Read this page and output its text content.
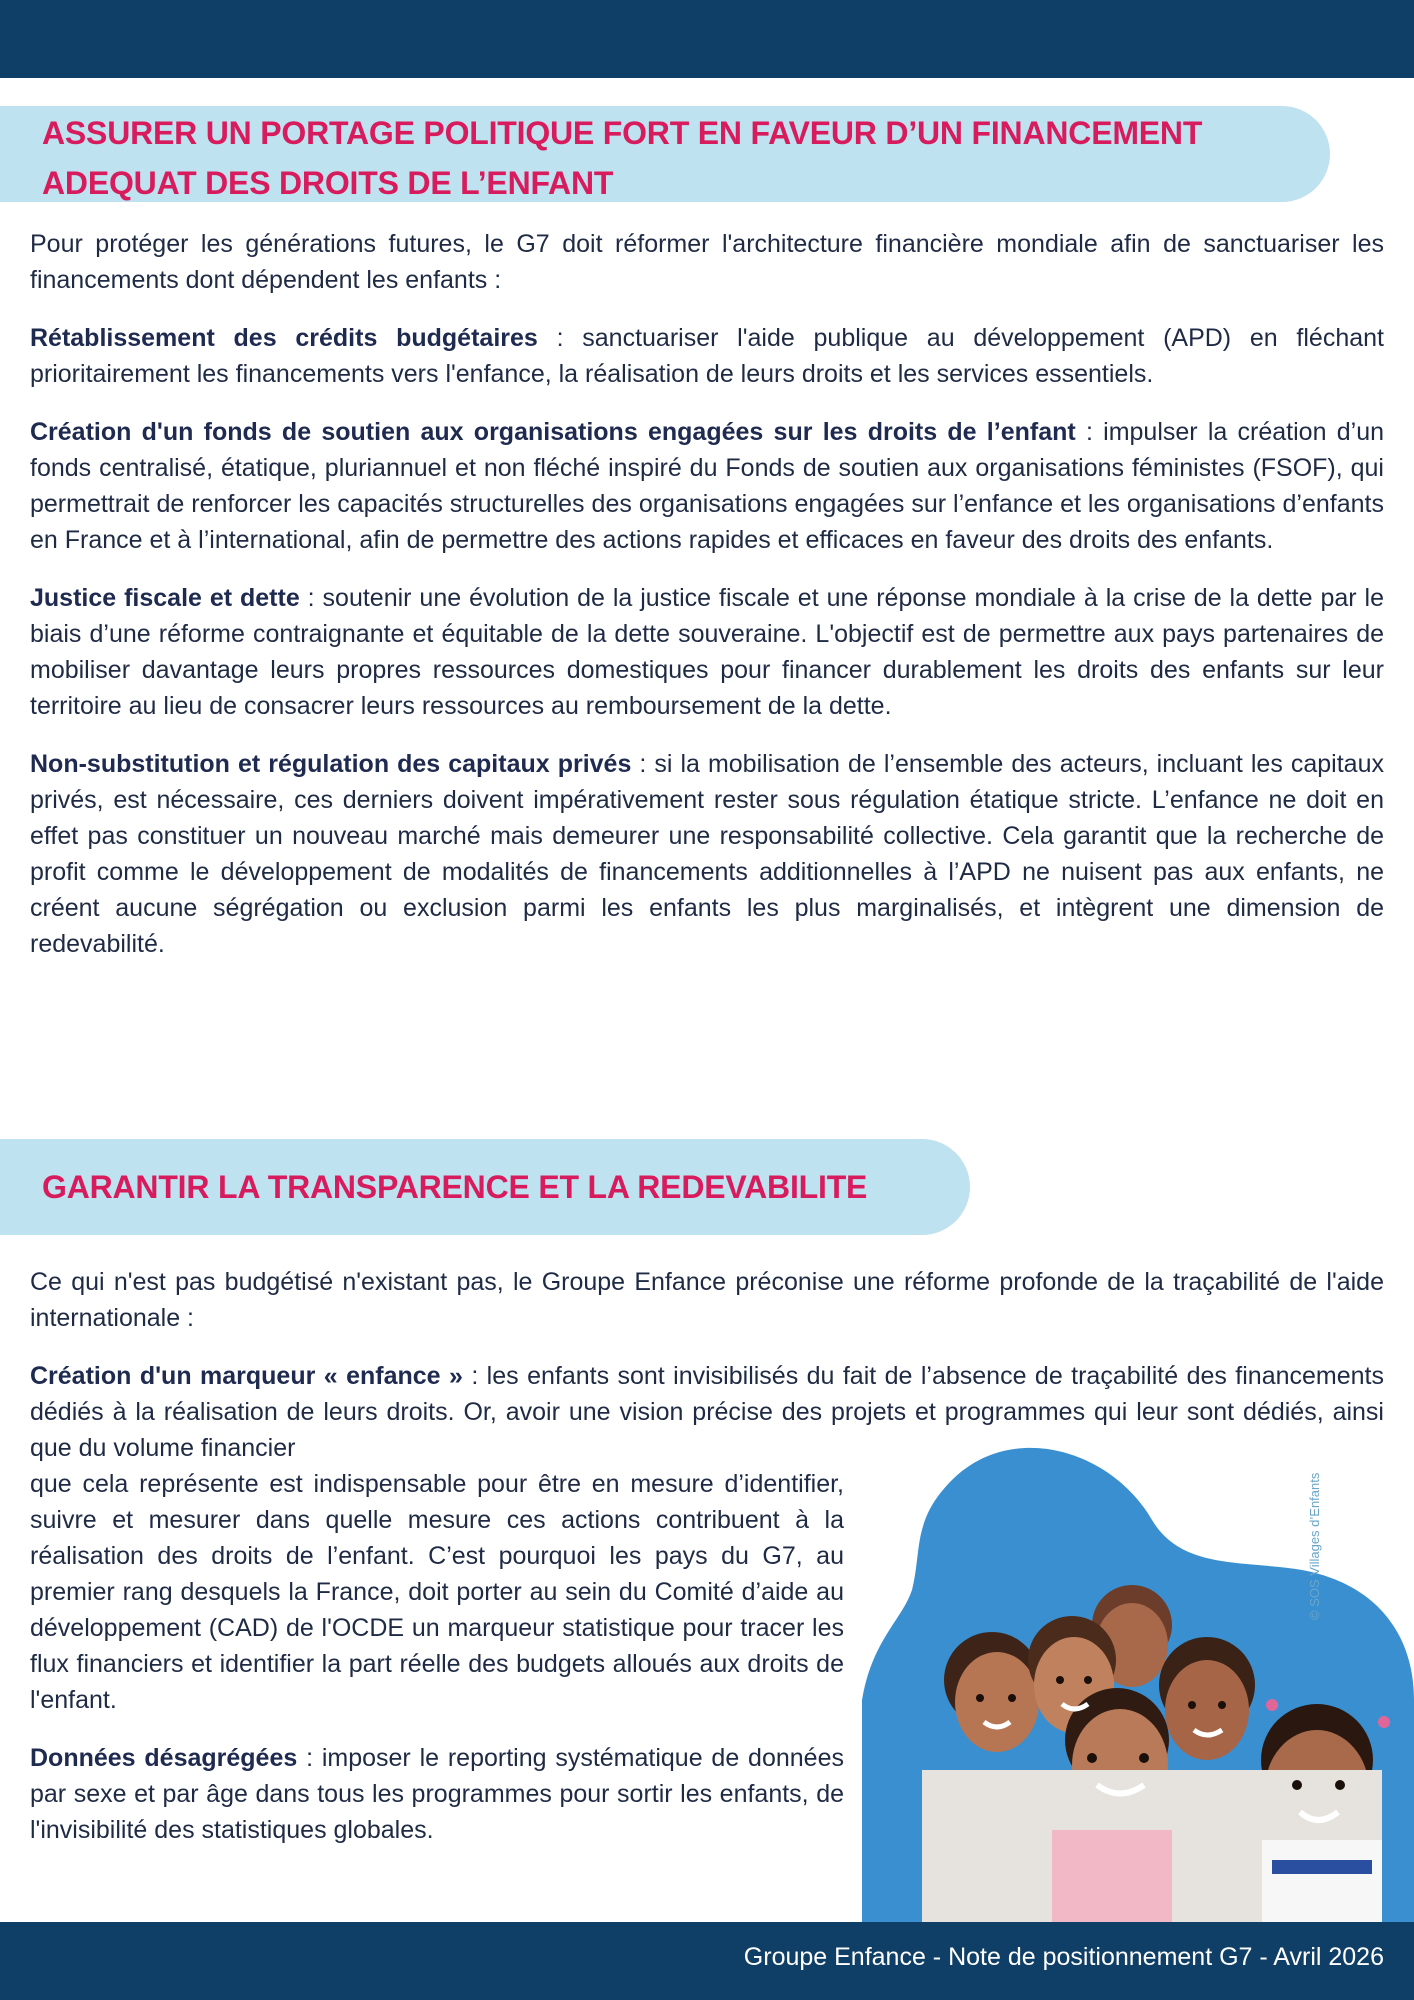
ASSURER UN PORTAGE POLITIQUE FORT EN FAVEUR D’UN FINANCEMENT ADEQUAT DES DROITS DE L’ENFANT

Pour protéger les générations futures, le G7 doit réformer l'architecture financière mondiale afin de sanctuariser les financements dont dépendent les enfants :

Rétablissement des crédits budgétaires : sanctuariser l'aide publique au développement (APD) en fléchant prioritairement les financements vers l'enfance, la réalisation de leurs droits et les services essentiels.

Création d'un fonds de soutien aux organisations engagées sur les droits de l’enfant : impulser la création d’un fonds centralisé, étatique, pluriannuel et non fléché inspiré du Fonds de soutien aux organisations féministes (FSOF), qui permettrait de renforcer les capacités structurelles des organisations engagées sur l’enfance et les organisations d’enfants en France et à l’international, afin de permettre des actions rapides et efficaces en faveur des droits des enfants.

Justice fiscale et dette : soutenir une évolution de la justice fiscale et une réponse mondiale à la crise de la dette par le biais d’une réforme contraignante et équitable de la dette souveraine. L'objectif est de permettre aux pays partenaires de mobiliser davantage leurs propres ressources domestiques pour financer durablement les droits des enfants sur leur territoire au lieu de consacrer leurs ressources au remboursement de la dette.

Non-substitution et régulation des capitaux privés : si la mobilisation de l’ensemble des acteurs, incluant les capitaux privés, est nécessaire, ces derniers doivent impérativement rester sous régulation étatique stricte. L’enfance ne doit en effet pas constituer un nouveau marché mais demeurer une responsabilité collective. Cela garantit que la recherche de profit comme le développement de modalités de financements additionnelles à l’APD ne nuisent pas aux enfants, ne créent aucune ségrégation ou exclusion parmi les enfants les plus marginalisés, et intègrent une dimension de redevabilité.

GARANTIR LA TRANSPARENCE ET LA REDEVABILITE

Ce qui n'est pas budgétisé n'existant pas, le Groupe Enfance préconise une réforme profonde de la traçabilité de l'aide internationale :

Création d'un marqueur « enfance » : les enfants sont invisibilisés du fait de l’absence de traçabilité des financements dédiés à la réalisation de leurs droits. Or, avoir une vision précise des projets et programmes qui leur sont dédiés, ainsi que du volume financier

que cela représente est indispensable pour être en mesure d’identifier, suivre et mesurer dans quelle mesure ces actions contribuent à la réalisation des droits de l’enfant. C’est pourquoi les pays du G7, au premier rang desquels la France, doit porter au sein du Comité d’aide au développement (CAD) de l'OCDE un marqueur statistique pour tracer les flux financiers et identifier la part réelle des budgets alloués aux droits de l'enfant.

Données désagrégées : imposer le reporting systématique de données par sexe et par âge dans tous les programmes pour sortir les enfants, de l'invisibilité des statistiques globales.

© SOS Villages d’Enfants
Groupe Enfance - Note de positionnement G7 - Avril 2026
